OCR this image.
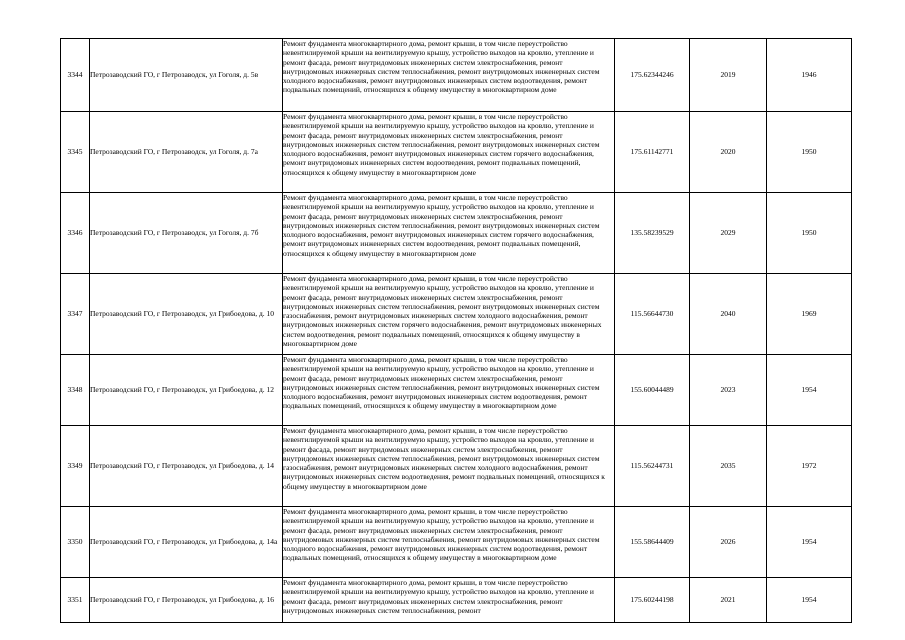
3344	Петрозаводский ГО, г Петрозаводск, ул Гоголя, д. 5в	Ремонт фундамента многоквартирного дома, ремонт крыши, в том числе переустройство невентилируемой крыши на вентилируемую крышу, устройство выходов на кровлю, утепление и ремонт фасада, ремонт внутридомовых инженерных систем электроснабжения, ремонт внутридомовых инженерных систем теплоснабжения, ремонт внутридомовых инженерных систем холодного водоснабжения, ремонт внутридомовых инженерных систем водоотведения, ремонт подвальных помещений, относящихся к общему имуществу в многоквартирном доме	175.62344246	2019	1946
3345	Петрозаводский ГО, г Петрозаводск, ул Гоголя, д. 7а	Ремонт фундамента многоквартирного дома, ремонт крыши, в том числе переустройство невентилируемой крыши на вентилируемую крышу, устройство выходов на кровлю, утепление и ремонт фасада, ремонт внутридомовых инженерных систем электроснабжения, ремонт внутридомовых инженерных систем теплоснабжения, ремонт внутридомовых инженерных систем холодного водоснабжения, ремонт внутридомовых инженерных систем горячего водоснабжения, ремонт внутридомовых инженерных систем водоотведения, ремонт подвальных помещений, относящихся к общему имуществу в многоквартирном доме	175.61142771	2020	1950
3346	Петрозаводский ГО, г Петрозаводск, ул Гоголя, д. 7б	Ремонт фундамента многоквартирного дома, ремонт крыши, в том числе переустройство невентилируемой крыши на вентилируемую крышу, устройство выходов на кровлю, утепление и ремонт фасада, ремонт внутридомовых инженерных систем электроснабжения, ремонт внутридомовых инженерных систем теплоснабжения, ремонт внутридомовых инженерных систем холодного водоснабжения, ремонт внутридомовых инженерных систем горячего водоснабжения, ремонт внутридомовых инженерных систем водоотведения, ремонт подвальных помещений, относящихся к общему имуществу в многоквартирном доме	135.58239529	2029	1950
3347	Петрозаводский ГО, г Петрозаводск, ул Грибоедова, д. 10	Ремонт фундамента многоквартирного дома, ремонт крыши, в том числе переустройство невентилируемой крыши на вентилируемую крышу, устройство выходов на кровлю, утепление и ремонт фасада, ремонт внутридомовых инженерных систем электроснабжения, ремонт внутридомовых инженерных систем теплоснабжения, ремонт внутридомовых инженерных систем газоснабжения, ремонт внутридомовых инженерных систем холодного водоснабжения, ремонт внутридомовых инженерных систем горячего водоснабжения, ремонт внутридомовых инженерных систем водоотведения, ремонт подвальных помещений, относящихся к общему имуществу в многоквартирном доме	115.56644730	2040	1969
3348	Петрозаводский ГО, г Петрозаводск, ул Грибоедова, д. 12	Ремонт фундамента многоквартирного дома, ремонт крыши, в том числе переустройство невентилируемой крыши на вентилируемую крышу, устройство выходов на кровлю, утепление и ремонт фасада, ремонт внутридомовых инженерных систем электроснабжения, ремонт внутридомовых инженерных систем теплоснабжения, ремонт внутридомовых инженерных систем холодного водоснабжения, ремонт внутридомовых инженерных систем водоотведения, ремонт подвальных помещений, относящихся к общему имуществу в многоквартирном доме	155.60044489	2023	1954
3349	Петрозаводский ГО, г Петрозаводск, ул Грибоедова, д. 14	Ремонт фундамента многоквартирного дома, ремонт крыши, в том числе переустройство невентилируемой крыши на вентилируемую крышу, устройство выходов на кровлю, утепление и ремонт фасада, ремонт внутридомовых инженерных систем электроснабжения, ремонт внутридомовых инженерных систем теплоснабжения, ремонт внутридомовых инженерных систем газоснабжения, ремонт внутридомовых инженерных систем холодного водоснабжения, ремонт внутридомовых инженерных систем водоотведения, ремонт подвальных помещений, относящихся к общему имуществу в многоквартирном доме	115.56244731	2035	1972
3350	Петрозаводский ГО, г Петрозаводск, ул Грибоедова, д. 14а	Ремонт фундамента многоквартирного дома, ремонт крыши, в том числе переустройство невентилируемой крыши на вентилируемую крышу, устройство выходов на кровлю, утепление и ремонт фасада, ремонт внутридомовых инженерных систем электроснабжения, ремонт внутридомовых инженерных систем теплоснабжения, ремонт внутридомовых инженерных систем холодного водоснабжения, ремонт внутридомовых инженерных систем водоотведения, ремонт подвальных помещений, относящихся к общему имуществу в многоквартирном доме	155.58644409	2026	1954
3351	Петрозаводский ГО, г Петрозаводск, ул Грибоедова, д. 16	Ремонт фундамента многоквартирного дома, ремонт крыши, в том числе переустройство невентилируемой крыши на вентилируемую крышу, устройство выходов на кровлю, утепление и ремонт фасада, ремонт внутридомовых инженерных систем электроснабжения, ремонт внутридомовых инженерных систем теплоснабжения, ремонт	175.60244198	2021	1954
